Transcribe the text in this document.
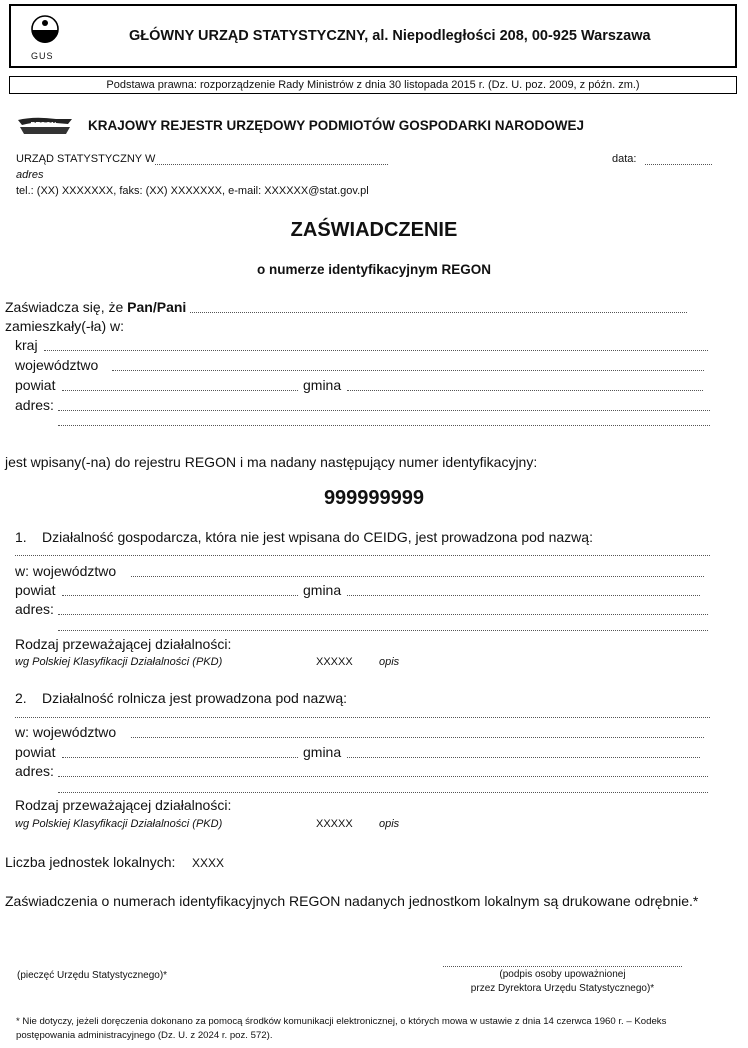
GUS
GŁÓWNY URZĄD STATYSTYCZNY, al. Niepodległości 208, 00-925 Warszawa
Podstawa prawna: rozporządzenie Rady Ministrów z dnia 30 listopada 2015 r. (Dz. U. poz. 2009, z późn. zm.)
REGON KRAJOWY REJESTR URZĘDOWY PODMIOTÓW GOSPODARKI NARODOWEJ
URZĄD STATYSTYCZNY W	data:
adres
tel.: (XX) XXXXXXX, faks: (XX) XXXXXXX, e-mail: XXXXXX@stat.gov.pl
ZAŚWIADCZENIE
o numerze identyfikacyjnym REGON
Zaświadcza się, że Pan/Pani
zamieszkały(-ła) w:
kraj
województwo
powiat	gmina
adres:
jest wpisany(-na) do rejestru REGON i ma nadany następujący numer identyfikacyjny:
999999999
1. Działalność gospodarcza, która nie jest wpisana do CEIDG, jest prowadzona pod nazwą:
w: województwo
powiat	gmina
adres:
Rodzaj przeważającej działalności:
wg Polskiej Klasyfikacji Działalności (PKD)	XXXXX opis
2. Działalność rolnicza jest prowadzona pod nazwą:
w: województwo
powiat	gmina
adres:
Rodzaj przeważającej działalności:
wg Polskiej Klasyfikacji Działalności (PKD)	XXXXX opis
Liczba jednostek lokalnych: XXXX
Zaświadczenia o numerach identyfikacyjnych REGON nadanych jednostkom lokalnym są drukowane odrębnie.*
(pieczęć Urzędu Statystycznego)*	(podpis osoby upoważnionej
przez Dyrektora Urzędu Statystycznego)*
* Nie dotyczy, jeżeli doręczenia dokonano za pomocą środków komunikacji elektronicznej, o których mowa w ustawie z dnia 14 czerwca 1960 r. – Kodeks
postępowania administracyjnego (Dz. U. z 2024 r. poz. 572).
